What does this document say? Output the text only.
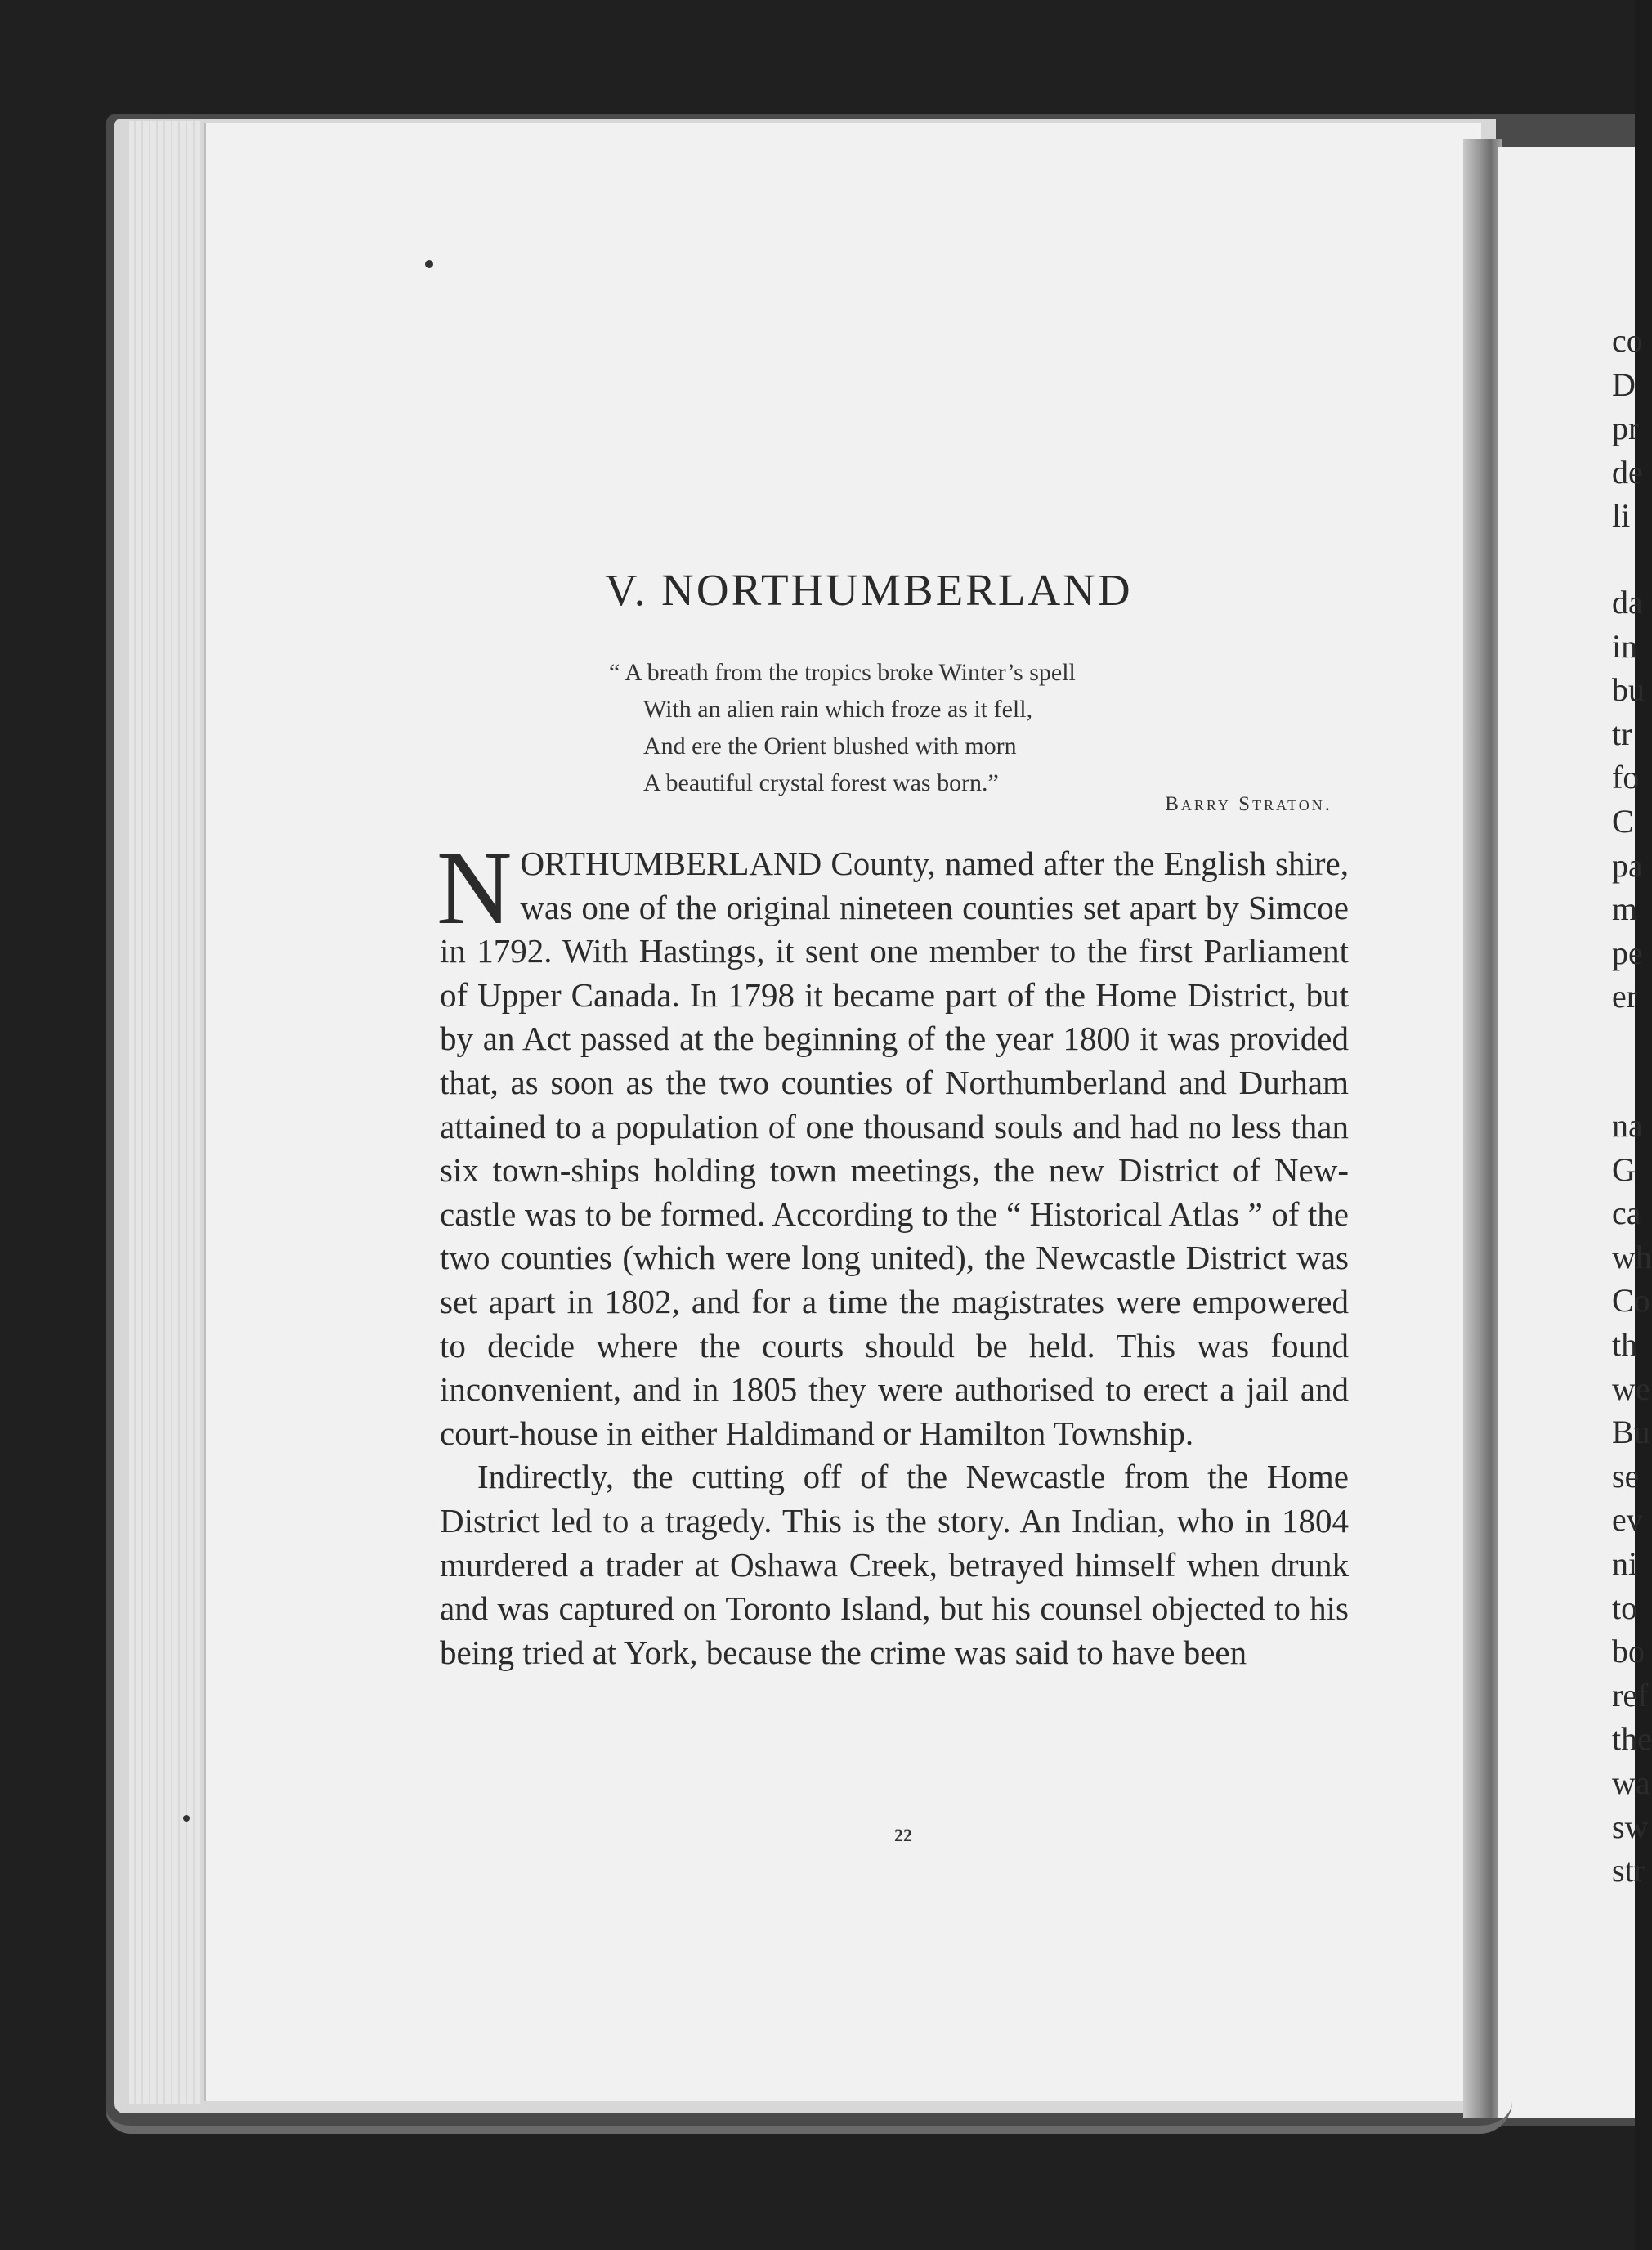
V. NORTHUMBERLAND
“ A breath from the tropics broke Winter’s spell
With an alien rain which froze as it fell,
And ere the Orient blushed with morn
A beautiful crystal forest was born.”
Barry Straton.

NORTHUMBERLAND County, named after the English shire, was one of the original nineteen counties set apart by Simcoe in 1792. With Hastings, it sent one member to the first Parliament of Upper Canada. In 1798 it became part of the Home District, but by an Act passed at the beginning of the year 1800 it was provided that, as soon as the two counties of Northumberland and Durham attained to a population of one thousand souls and had no less than six town-ships holding town meetings, the new District of New-castle was to be formed. According to the “ Historical Atlas ” of the two counties (which were long united), the Newcastle District was set apart in 1802, and for a time the magistrates were empowered to decide where the courts should be held. This was found inconvenient, and in 1805 they were authorised to erect a jail and court-house in either Haldimand or Hamilton Township.

Indirectly, the cutting off of the Newcastle from the Home District led to a tragedy. This is the story. An Indian, who in 1804 murdered a trader at Oshawa Creek, betrayed himself when drunk and was captured on Toronto Island, but his counsel objected to his being tried at York, because the crime was said to have been

22
co
D
pr
de
li
da
in
bu
tr
fo
C
pa
m
pe
er
na
G
ca
wh
Co
th
we
Bu
se
ev
ni
to
bo
ref
the
wa
sw
str
